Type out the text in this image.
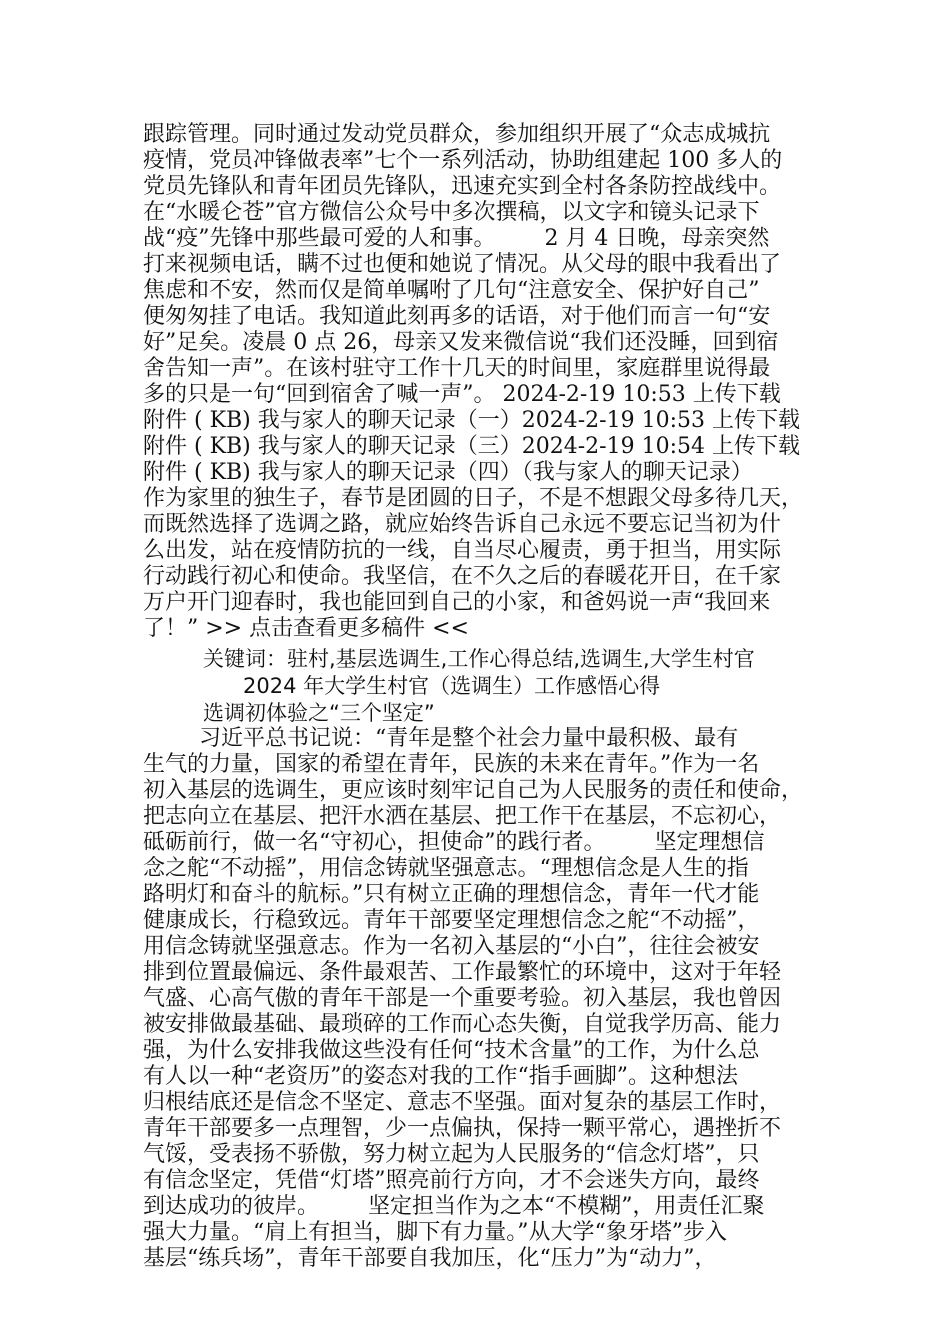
跟踪管理。同时通过发动党员群众，参加组织开展了“众志成城抗
疫情，党员冲锋做表率”七个一系列活动，协助组建起 100 多人的
党员先锋队和青年团员先锋队，迅速充实到全村各条防控战线中。
在“水暖仑苍”官方微信公众号中多次撰稿，以文字和镜头记录下
战“疫”先锋中那些最可爱的人和事。       2 月 4 日晚，母亲突然
打来视频电话，瞒不过也便和她说了情况。从父母的眼中我看出了
焦虑和不安，然而仅是简单嘱咐了几句“注意安全、保护好自己”
便匆匆挂了电话。我知道此刻再多的话语，对于他们而言一句“安
好”足矣。凌晨 0 点 26，母亲又发来微信说“我们还没睡，回到宿
舍告知一声”。在该村驻守工作十几天的时间里，家庭群里说得最
多的只是一句“回到宿舍了喊一声”。 2024-2-19 10:53 上传下载
附件 ( KB) 我与家人的聊天记录（一）2024-2-19 10:53 上传下载
附件 ( KB) 我与家人的聊天记录（三）2024-2-19 10:54 上传下载
附件 ( KB) 我与家人的聊天记录（四）（我与家人的聊天记录）
作为家里的独生子，春节是团圆的日子，不是不想跟父母多待几天，
而既然选择了选调之路，就应始终告诉自己永远不要忘记当初为什
么出发，站在疫情防抗的一线，自当尽心履责，勇于担当，用实际
行动践行初心和使命。我坚信，在不久之后的春暖花开日，在千家
万户开门迎春时，我也能回到自己的小家，和爸妈说一声“我回来
了！” >> 点击查看更多稿件 <<
关键词：驻村,基层选调生,工作心得总结,选调生,大学生村官
2024 年大学生村官（选调生）工作感悟心得
选调初体验之“三个坚定”
习近平总书记说：“青年是整个社会力量中最积极、最有
生气的力量，国家的希望在青年，民族的未来在青年。”作为一名
初入基层的选调生，更应该时刻牢记自己为人民服务的责任和使命，
把志向立在基层、把汗水洒在基层、把工作干在基层，不忘初心，
砥砺前行，做一名“守初心，担使命”的践行者。       坚定理想信
念之舵“不动摇”，用信念铸就坚强意志。“理想信念是人生的指
路明灯和奋斗的航标。”只有树立正确的理想信念，青年一代才能
健康成长，行稳致远。青年干部要坚定理想信念之舵“不动摇”，
用信念铸就坚强意志。作为一名初入基层的“小白”，往往会被安
排到位置最偏远、条件最艰苦、工作最繁忙的环境中，这对于年轻
气盛、心高气傲的青年干部是一个重要考验。初入基层，我也曾因
被安排做最基础、最琐碎的工作而心态失衡，自觉我学历高、能力
强，为什么安排我做这些没有任何“技术含量”的工作，为什么总
有人以一种“老资历”的姿态对我的工作“指手画脚”。这种想法
归根结底还是信念不坚定、意志不坚强。面对复杂的基层工作时，
青年干部要多一点理智，少一点偏执，保持一颗平常心，遇挫折不
气馁，受表扬不骄傲，努力树立起为人民服务的“信念灯塔”，只
有信念坚定，凭借“灯塔”照亮前行方向，才不会迷失方向，最终
到达成功的彼岸。       坚定担当作为之本“不模糊”，用责任汇聚
强大力量。“肩上有担当，脚下有力量。”从大学“象牙塔”步入
基层“练兵场”，青年干部要自我加压，化“压力”为“动力”，
